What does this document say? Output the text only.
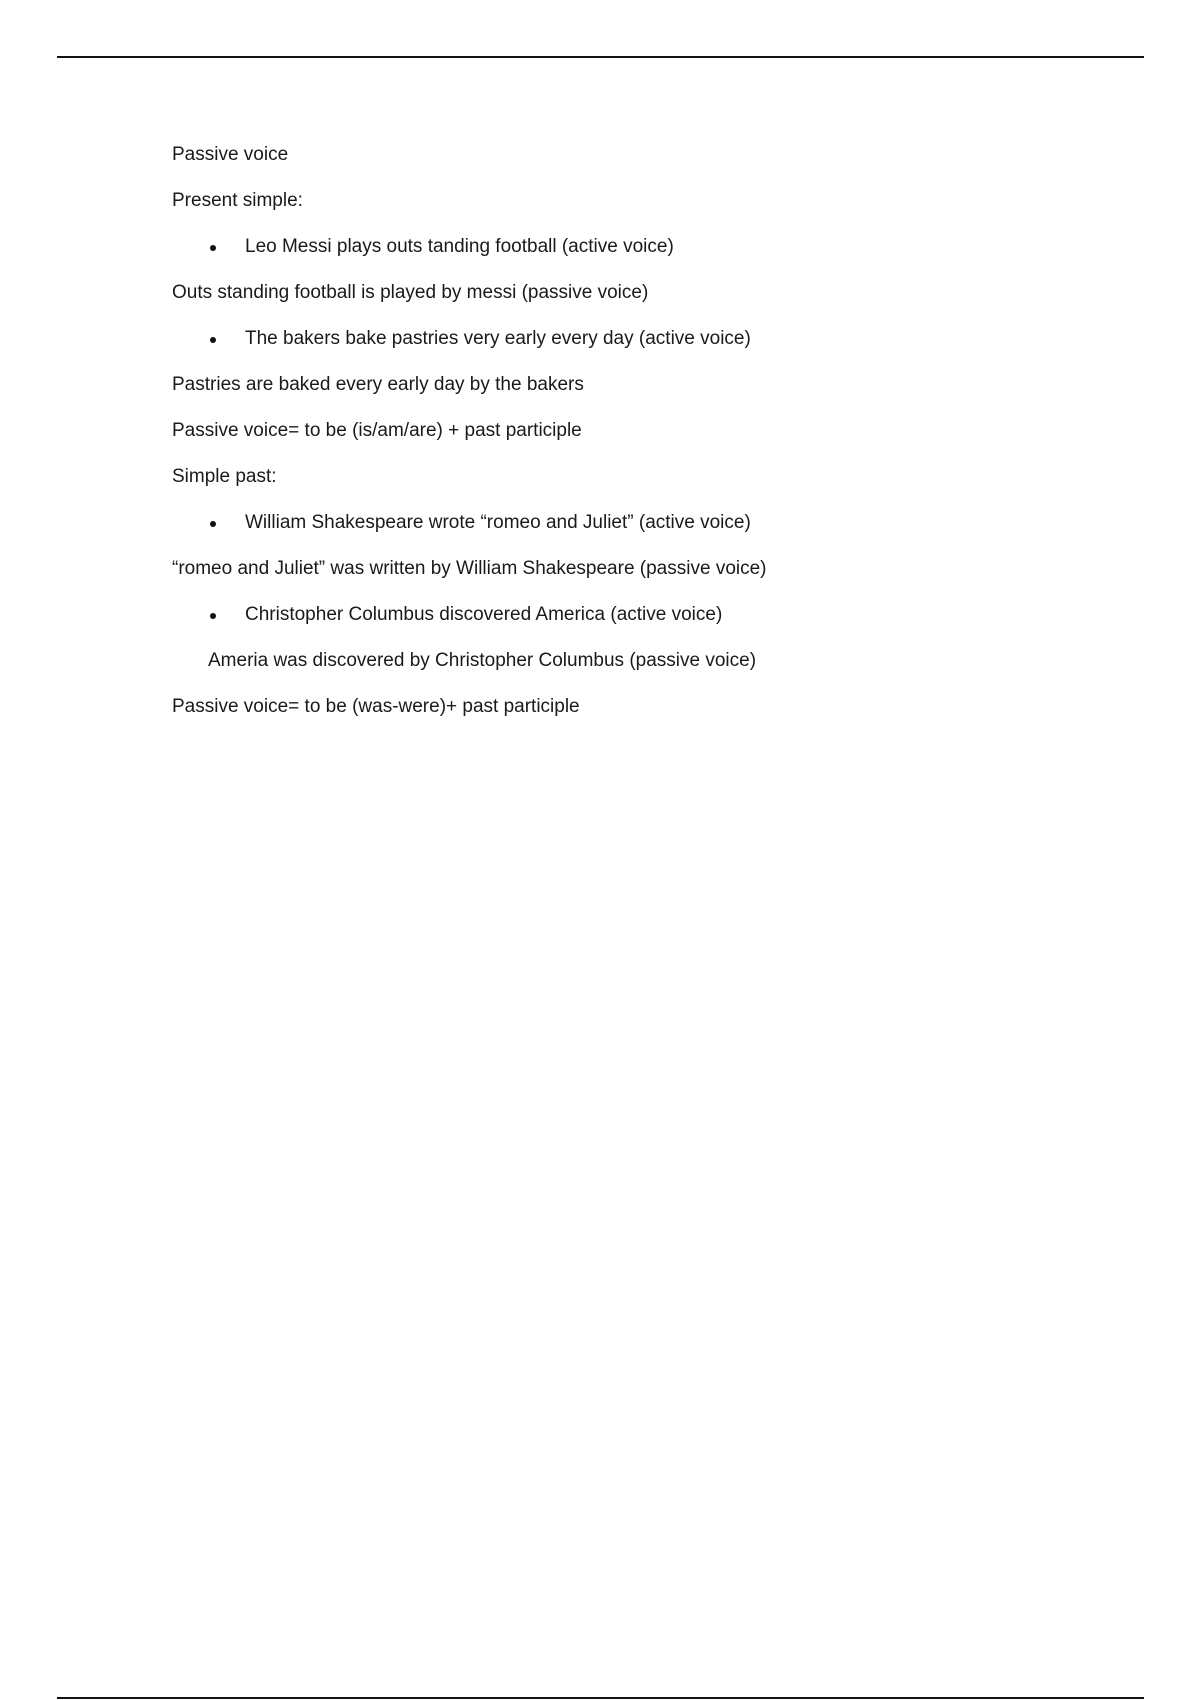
Passive voice

Present simple:

Leo Messi plays outs tanding football (active voice)

Outs standing football is played by messi (passive voice)

The bakers bake pastries very early every day (active voice)

Pastries are baked every early day by the bakers

Passive voice= to be (is/am/are) + past participle

Simple past:

William Shakespeare wrote “romeo and Juliet” (active voice)

“romeo and Juliet” was written by William Shakespeare (passive voice)

Christopher Columbus discovered America (active voice)

Ameria was discovered by Christopher Columbus (passive voice)

Passive voice= to be (was-were)+ past participle
